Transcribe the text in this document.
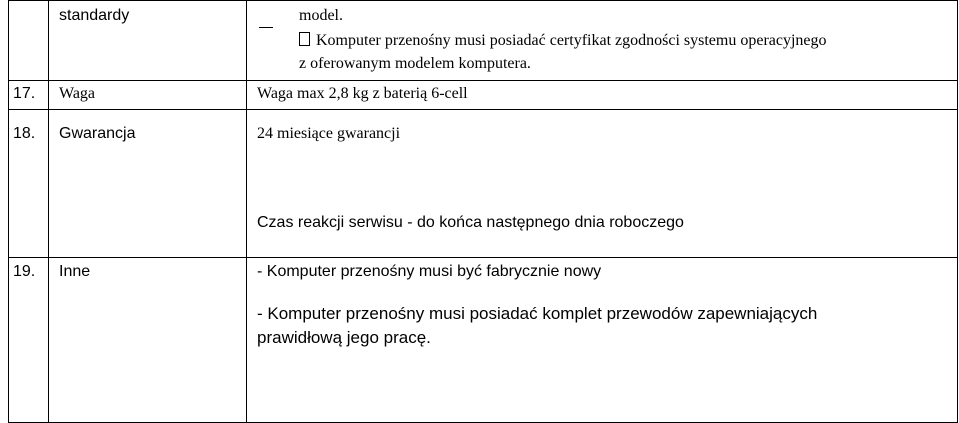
	standardy	model.
Komputer przenośny musi posiadać certyfikat zgodności systemu operacyjnego
z oferowanym modelem komputera.

17.	Waga	Waga max 2,8 kg z baterią 6-cell

18.	Gwarancja	24 miesiące gwarancji
Czas reakcji serwisu - do końca następnego dnia roboczego

19.	Inne	- Komputer przenośny musi być fabrycznie nowy
- Komputer przenośny musi posiadać komplet przewodów zapewniających
prawidłową jego pracę.
